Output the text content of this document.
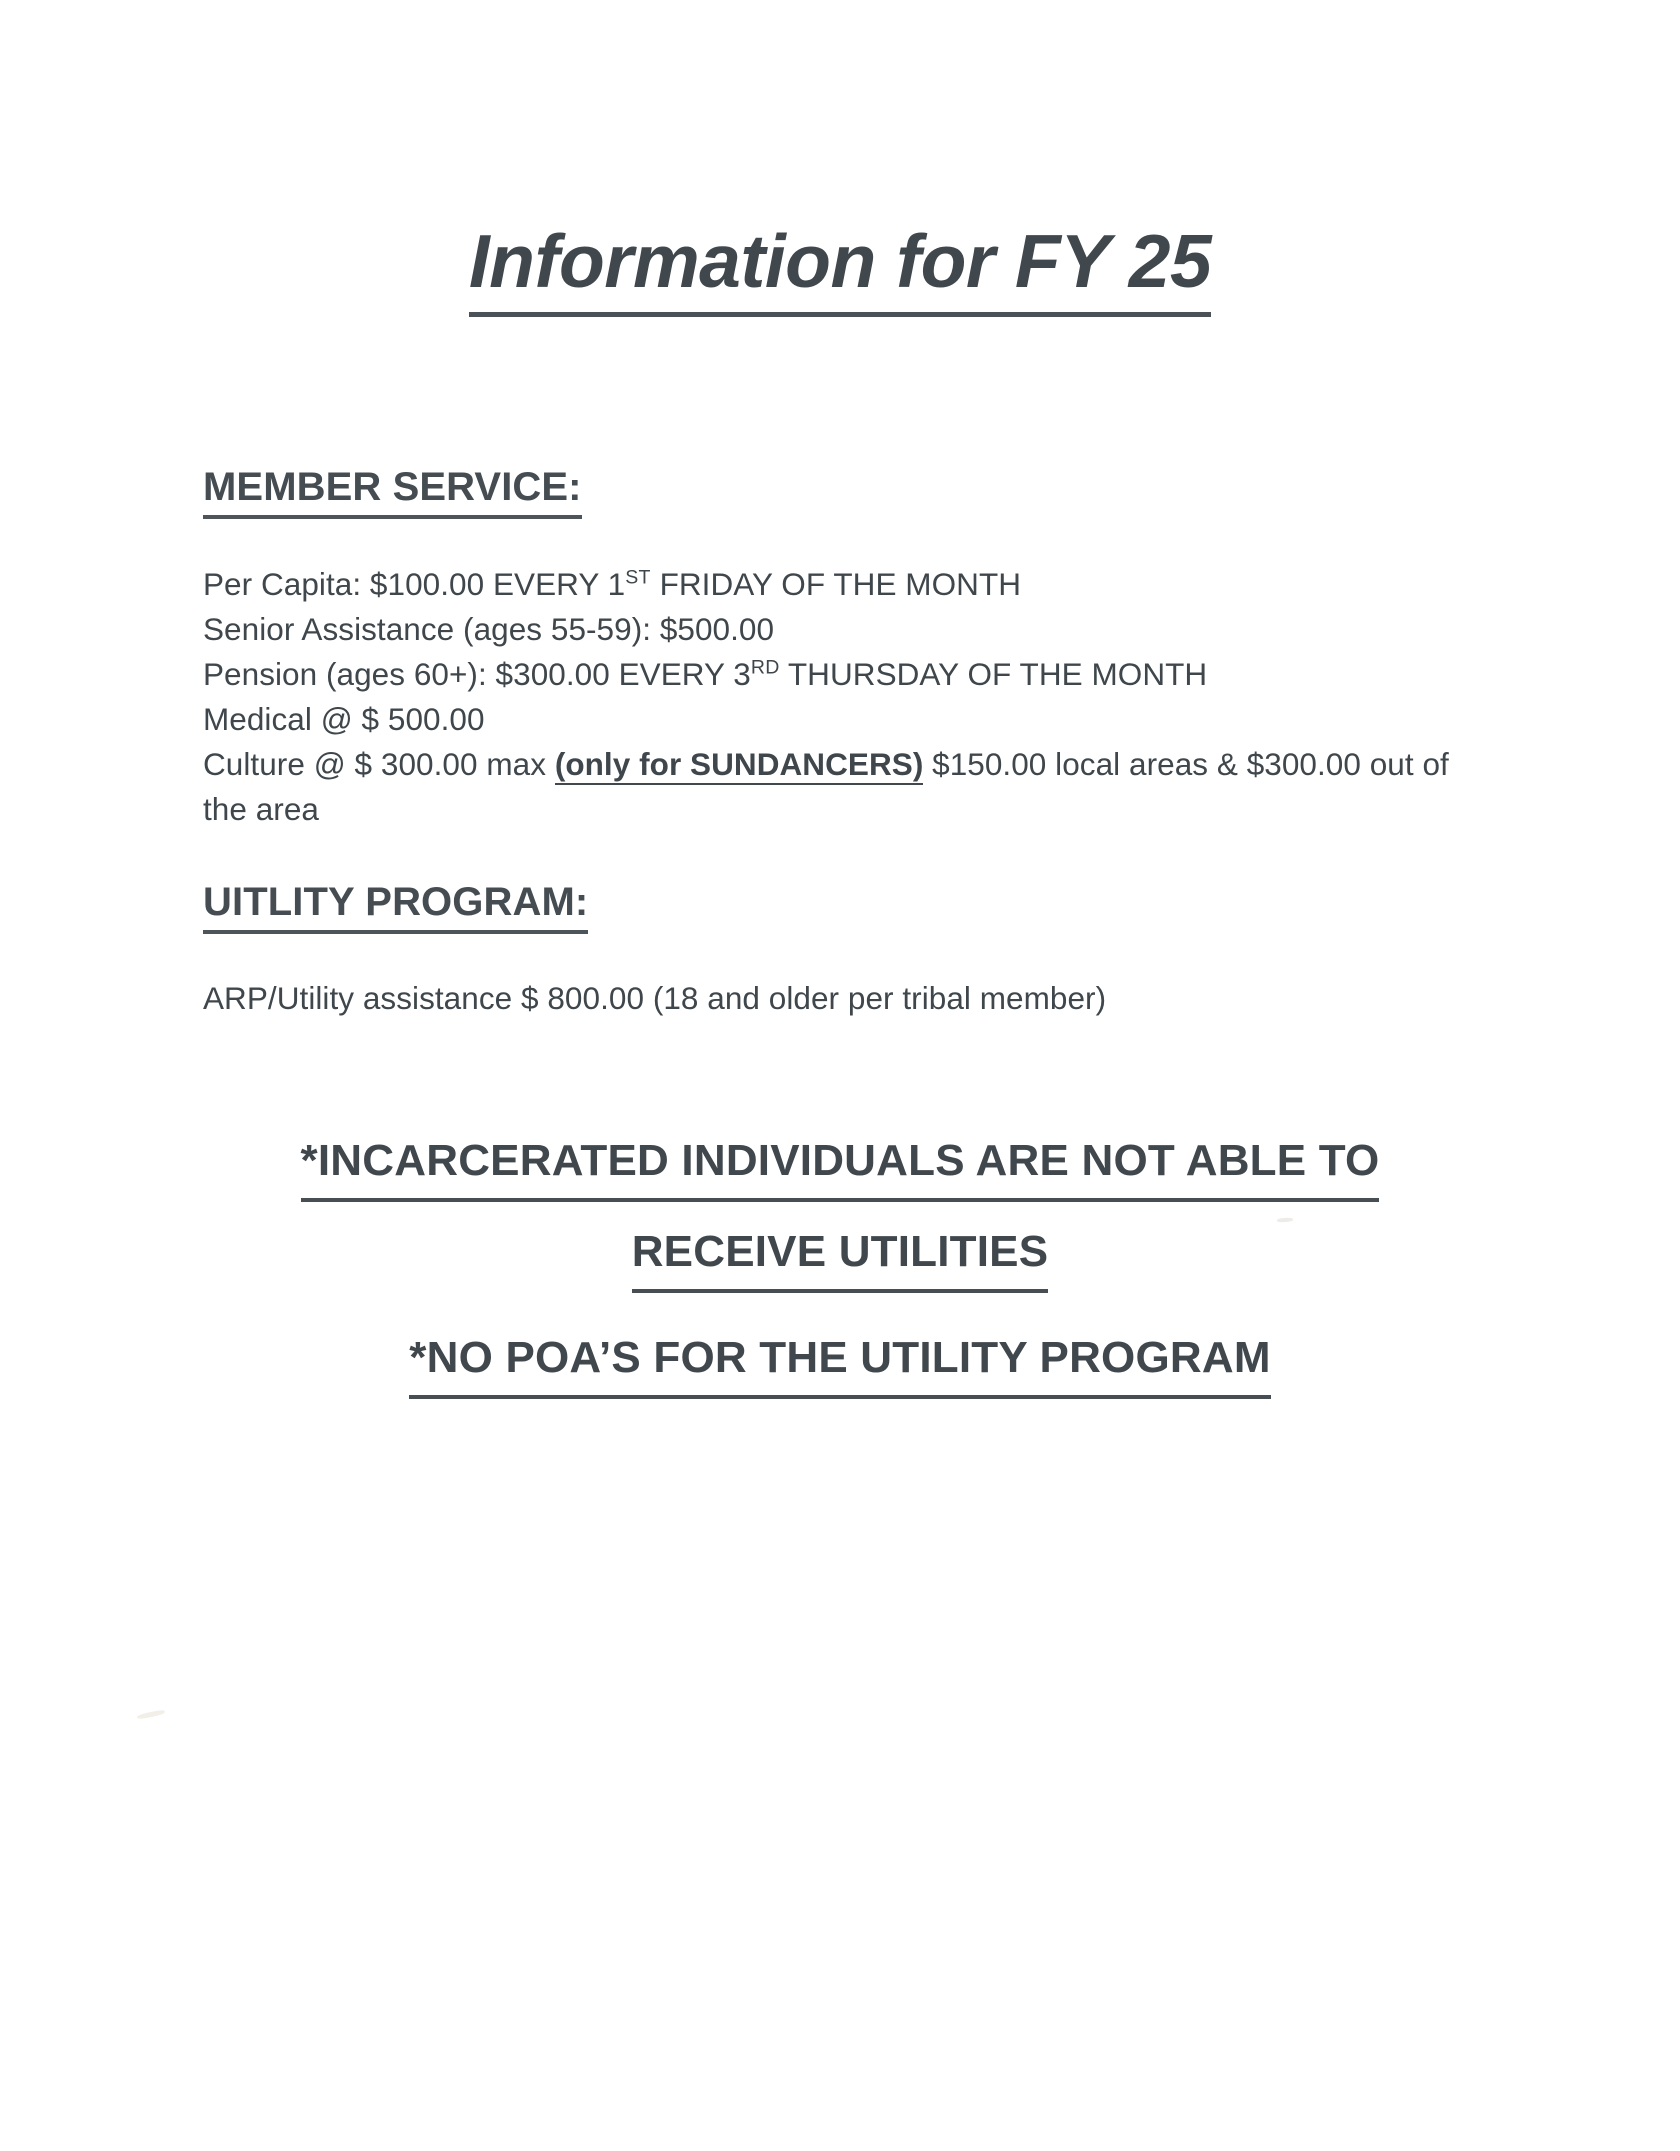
Information for FY 25
MEMBER SERVICE:
Per Capita: $100.00 EVERY 1ST FRIDAY OF THE MONTH
Senior Assistance (ages 55-59): $500.00
Pension (ages 60+): $300.00 EVERY 3RD THURSDAY OF THE MONTH
Medical @ $ 500.00
Culture @ $ 300.00 max (only for SUNDANCERS) $150.00 local areas & $300.00 out of the area
UITLITY PROGRAM:
ARP/Utility assistance $ 800.00 (18 and older per tribal member)
*INCARCERATED INDIVIDUALS ARE NOT ABLE TO
RECEIVE UTILITIES
*NO POA’S FOR THE UTILITY PROGRAM
